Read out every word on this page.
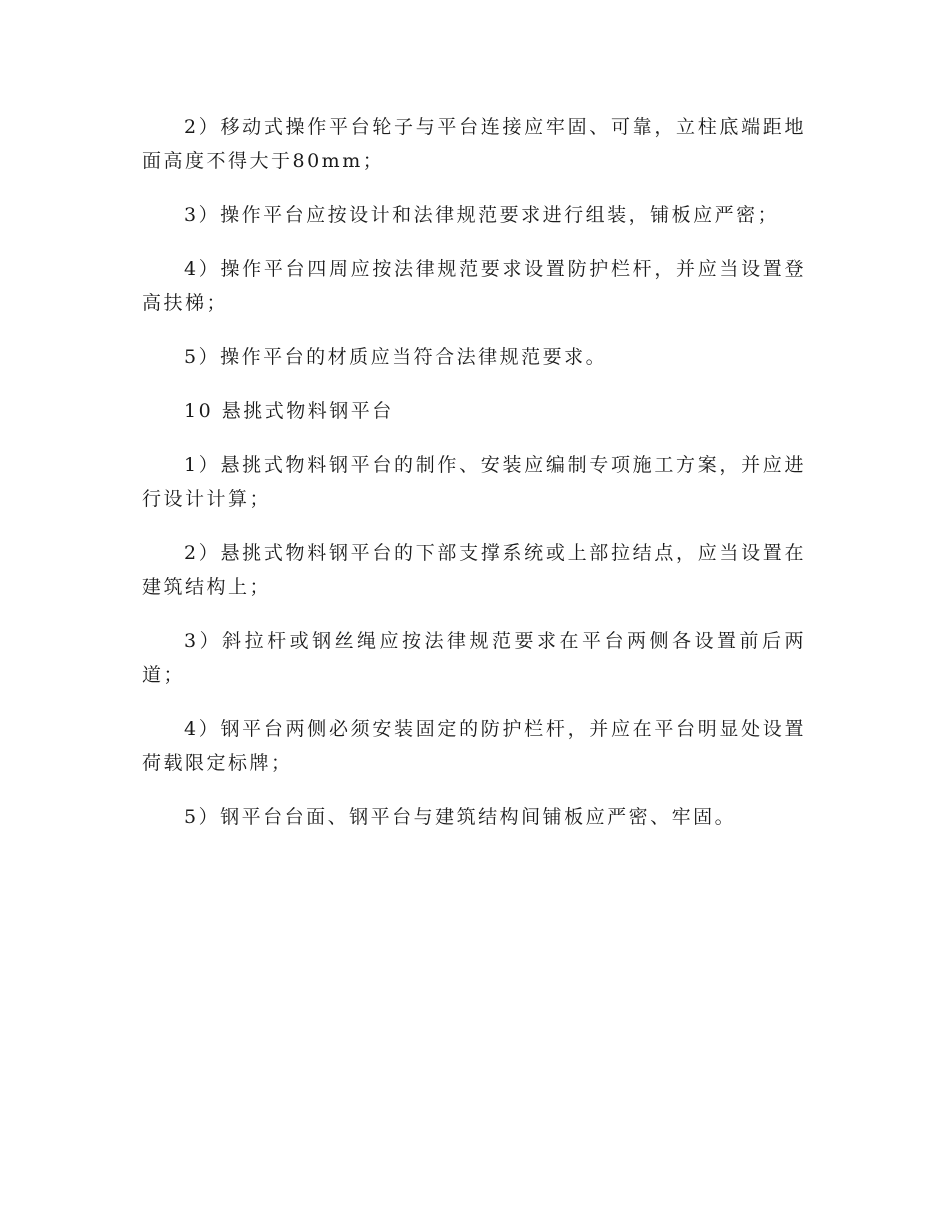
2）移动式操作平台轮子与平台连接应牢固、可靠，立柱底端距地面高度不得大于80mm；

3）操作平台应按设计和法律规范要求进行组装，铺板应严密；

4）操作平台四周应按法律规范要求设置防护栏杆，并应当设置登高扶梯；

5）操作平台的材质应当符合法律规范要求。

10 悬挑式物料钢平台

1）悬挑式物料钢平台的制作、安装应编制专项施工方案，并应进行设计计算；

2）悬挑式物料钢平台的下部支撑系统或上部拉结点，应当设置在建筑结构上；

3）斜拉杆或钢丝绳应按法律规范要求在平台两侧各设置前后两道；

4）钢平台两侧必须安装固定的防护栏杆，并应在平台明显处设置荷载限定标牌；

5）钢平台台面、钢平台与建筑结构间铺板应严密、牢固。
